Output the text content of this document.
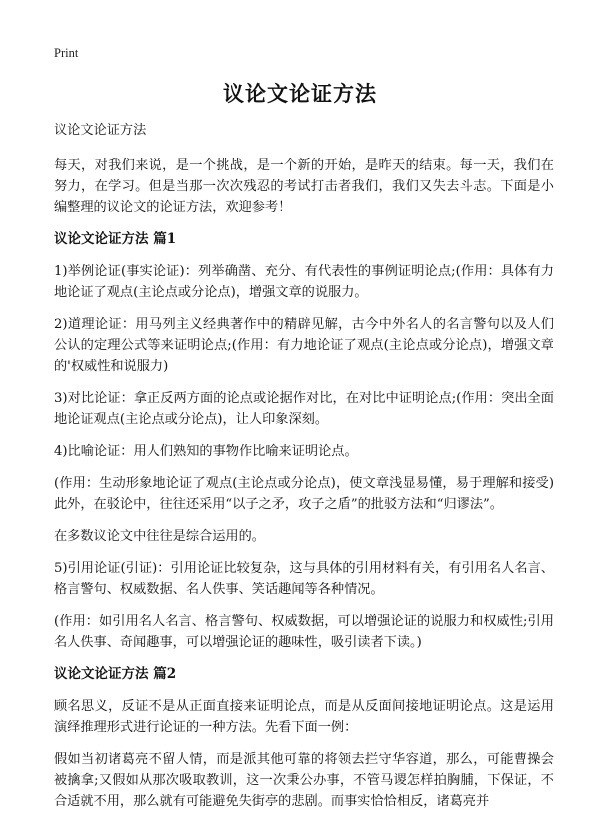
Print
议论文论证方法

议论文论证方法

每天，对我们来说，是一个挑战，是一个新的开始，是昨天的结束。每一天，我们在努力，在学习。但是当那一次次残忍的考试打击者我们，我们又失去斗志。下面是小编整理的议论文的论证方法，欢迎参考！

议论文论证方法 篇1

1)举例论证(事实论证)：列举确凿、充分、有代表性的事例证明论点;(作用：具体有力地论证了观点(主论点或分论点)，增强文章的说服力。

2)道理论证：用马列主义经典著作中的精辟见解，古今中外名人的名言警句以及人们公认的定理公式等来证明论点;(作用：有力地论证了观点(主论点或分论点)，增强文章的'权威性和说服力)

3)对比论证：拿正反两方面的论点或论据作对比，在对比中证明论点;(作用：突出全面地论证观点(主论点或分论点)，让人印象深刻。

4)比喻论证：用人们熟知的事物作比喻来证明论点。

(作用：生动形象地论证了观点(主论点或分论点)，使文章浅显易懂，易于理解和接受)此外，在驳论中，往往还采用“以子之矛，攻子之盾”的批驳方法和“归谬法”。

在多数议论文中往往是综合运用的。

5)引用论证(引证)：引用论证比较复杂，这与具体的引用材料有关，有引用名人名言、格言警句、权威数据、名人佚事、笑话趣闻等各种情况。

(作用：如引用名人名言、格言警句、权威数据，可以增强论证的说服力和权威性;引用名人佚事、奇闻趣事，可以增强论证的趣味性，吸引读者下读。)

议论文论证方法 篇2

顾名思义，反证不是从正面直接来证明论点，而是从反面间接地证明论点。这是运用演绎推理形式进行论证的一种方法。先看下面一例：

假如当初诸葛亮不留人情，而是派其他可靠的将领去拦守华容道，那么，可能曹操会被擒拿;又假如从那次吸取教训，这一次秉公办事，不管马谡怎样拍胸脯，下保证，不合适就不用，那么就有可能避免失街亭的悲剧。而事实恰恰相反，诸葛亮并
